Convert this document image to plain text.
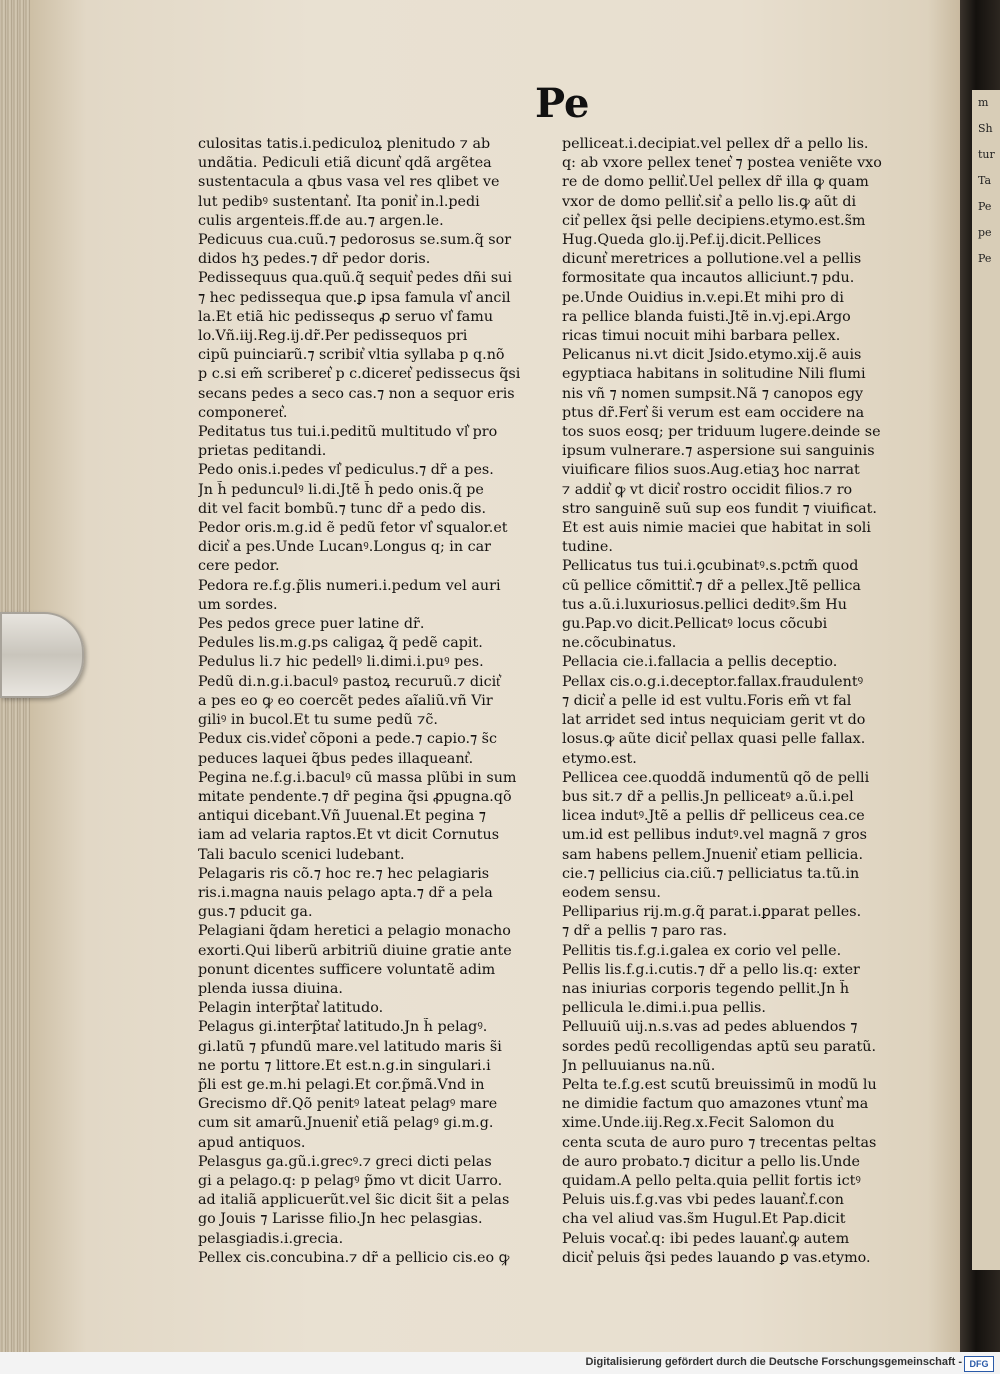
m
Sh
tur
Ta
Pe
pe
Pe
Pe
culositas tatis.i.pediculoꝝ plenitudo ⁊ ab
undãtia. Pediculi etiã dicunt͛ qdã argẽtea
sustentacula a qbus vasa vel res qlibet ve
lut pedibꝰ sustentant͛. Ita ponit͛ in.l.pedi
culis argenteis.ff.de au.⁊ argen.le.
Pedicuus cua.cuũ.⁊ pedorosus se.sum.q̃ sor
didos hʒ pedes.⁊ dr̃ pedor doris.
Pedissequus qua.quũ.q̃ sequit͛ pedes dñi sui
⁊ hec pedissequa que.ꝑ ipsa famula vl͛ ancil
la.Et etiã hic pedissequs ꝓ seruo vl͛ famu
lo.Vñ.iij.Reg.ij.dr̃.Per pedissequos pri
cipũ puinciarũ.⁊ scribit͛ vltia syllaba p q.nõ
p c.si em̃ scriberet͛ p c.diceret͛ pedissecus q̃si
secans pedes a seco cas.⁊ non a sequor eris
componeret͛.
Peditatus tus tui.i.peditũ multitudo vl͛ pro
prietas peditandi.
Pedo onis.i.pedes vl͛ pediculus.⁊ dr̃ a pes.
Jn h̃ pedunculꝰ li.di.Jtẽ h̃ pedo onis.q̃ pe
dit vel facit bombũ.⁊ tunc dr̃ a pedo dis.
Pedor oris.m.g.id ẽ pedũ fetor vl͛ squalor.et
dicit͛ a pes.Unde Lucanꝰ.Longus q; in car
cere pedor.
Pedora re.f.g.p̃lis numeri.i.pedum vel auri
um sordes.
Pes pedos grece puer latine dr̃.
Pedules lis.m.g.ps caligaꝝ q̃ pedẽ capit.
Pedulus li.⁊ hic pedellꝰ li.dimi.i.puꝰ pes.
Pedũ di.n.g.i.baculꝰ pastoꝝ recuruũ.⁊ dicit͛
a pes eo ꝙ eo coercẽt pedes aĩaliũ.vñ Vir
giliꝰ in bucol.Et tu sume pedũ ⁊c̃.
Pedux cis.videt͛ cõponi a pede.⁊ capio.⁊ s̃c
peduces laquei q̃bus pedes illaqueant͛.
Pegina ne.f.g.i.baculꝰ cũ massa plũbi in sum
mitate pendente.⁊ dr̃ pegina q̃si ꝓpugna.qõ
antiqui dicebant.Vñ Juuenal.Et pegina ⁊
iam ad velaria raptos.Et vt dicit Cornutus
Tali baculo scenici ludebant.
Pelagaris ris cõ.⁊ hoc re.⁊ hec pelagiaris
ris.i.magna nauis pelago apta.⁊ dr̃ a pela
gus.⁊ pducit ga.
Pelagiani q̃dam heretici a pelagio monacho
exorti.Qui liberũ arbitriũ diuine gratie ante
ponunt dicentes sufficere voluntatẽ adim
plenda iussa diuina.
Pelagin interp̃tat͛ latitudo.
Pelagus gi.interp̃tat͛ latitudo.Jn h̃ pelagꝰ.
gi.latũ ⁊ pfundũ mare.vel latitudo maris s̃i
ne portu ⁊ littore.Et est.n.g.in singulari.i
p̃li est ge.m.hi pelagi.Et cor.p̃mã.Vnd in
Grecismo dr̃.Qõ penitꝰ lateat pelagꝰ mare
cum sit amarũ.Jnuenit͛ etiã pelagꝰ gi.m.g.
apud antiquos.
Pelasgus ga.gũ.i.grecꝰ.⁊ greci dicti pelas
gi a pelago.q: p pelagꝰ p̃mo vt dicit Uarro.
ad italiã applicuerũt.vel s̃ic dicit s̃it a pelas
go Jouis ⁊ Larisse filio.Jn hec pelasgias.
pelasgiadis.i.grecia.
Pellex cis.concubina.⁊ dr̃ a pellicio cis.eo ꝙ
pelliceat.i.decipiat.vel pellex dr̃ a pello lis.
q: ab vxore pellex tenet͛ ⁊ postea veniẽte vxo
re de domo pellit͛.Uel pellex dr̃ illa ꝙ quam
vxor de domo pellit͛.sit͛ a pello lis.ꝙ aũt di
cit͛ pellex q̃si pelle decipiens.etymo.est.s̃m
Hug.Queda glo.ij.Pef.ij.dicit.Pellices
dicunt͛ meretrices a pollutione.vel a pellis
formositate qua incautos alliciunt.⁊ pdu.
pe.Unde Ouidius in.v.epi.Et mihi pro di
ra pellice blanda fuisti.Jtẽ in.vj.epi.Argo
ricas timui nocuit mihi barbara pellex.
Pelicanus ni.vt dicit Jsido.etymo.xij.ẽ auis
egyptiaca habitans in solitudine Nili flumi
nis vñ ⁊ nomen sumpsit.Nã ⁊ canopos egy
ptus dr̃.Fert͛ s̃i verum est eam occidere na
tos suos eosq; per triduum lugere.deinde se
ipsum vulnerare.⁊ aspersione sui sanguinis
viuificare filios suos.Aug.etiaʒ hoc narrat
⁊ addit͛ ꝙ vt dicit͛ rostro occidit filios.⁊ ro
stro sanguinẽ suũ sup eos fundit ⁊ viuificat.
Et est auis nimie maciei que habitat in soli
tudine.
Pellicatus tus tui.i.ꝯcubinatꝰ.s.pctm̃ quod
cũ pellice cõmittit͛.⁊ dr̃ a pellex.Jtẽ pellica
tus a.ũ.i.luxuriosus.pellici deditꝰ.s̃m Hu
gu.Pap.vo dicit.Pellicatꝰ locus cõcubi
ne.cõcubinatus.
Pellacia cie.i.fallacia a pellis deceptio.
Pellax cis.o.g.i.deceptor.fallax.fraudulentꝰ
⁊ dicit͛ a pelle id est vultu.Foris em̃ vt fal
lat arridet sed intus nequiciam gerit vt do
losus.ꝙ aũte dicit͛ pellax quasi pelle fallax.
etymo.est.
Pellicea cee.quoddã indumentũ qõ de pelli
bus sit.⁊ dr̃ a pellis.Jn pelliceatꝰ a.ũ.i.pel
licea indutꝰ.Jtẽ a pellis dr̃ pelliceus cea.ce
um.id est pellibus indutꝰ.vel magnã ⁊ gros
sam habens pellem.Jnuenit͛ etiam pellicia.
cie.⁊ pellicius cia.ciũ.⁊ pelliciatus ta.tũ.in
eodem sensu.
Pelliparius rij.m.g.q̃ parat.i.ꝑparat pelles.
⁊ dr̃ a pellis ⁊ paro ras.
Pellitis tis.f.g.i.galea ex corio vel pelle.
Pellis lis.f.g.i.cutis.⁊ dr̃ a pello lis.q: exter
nas iniurias corporis tegendo pellit.Jn h̃
pellicula le.dimi.i.pua pellis.
Pelluuiũ uij.n.s.vas ad pedes abluendos ⁊
sordes pedũ recolligendas aptũ seu paratũ.
Jn pelluuianus na.nũ.
Pelta te.f.g.est scutũ breuissimũ in modũ lu
ne dimidie factum quo amazones vtunt͛ ma
xime.Unde.iij.Reg.x.Fecit Salomon du
centa scuta de auro puro ⁊ trecentas peltas
de auro probato.⁊ dicitur a pello lis.Unde
quidam.A pello pelta.quia pellit fortis ictꝰ
Peluis uis.f.g.vas vbi pedes lauant͛.f.con
cha vel aliud vas.s̃m Hugul.Et Pap.dicit
Peluis vocat͛.q: ibi pedes lauant͛.ꝙ autem
dicit͛ peluis q̃si pedes lauando ꝑ vas.etymo.
Digitalisierung gefördert durch die Deutsche Forschungsgemeinschaft - DFG
